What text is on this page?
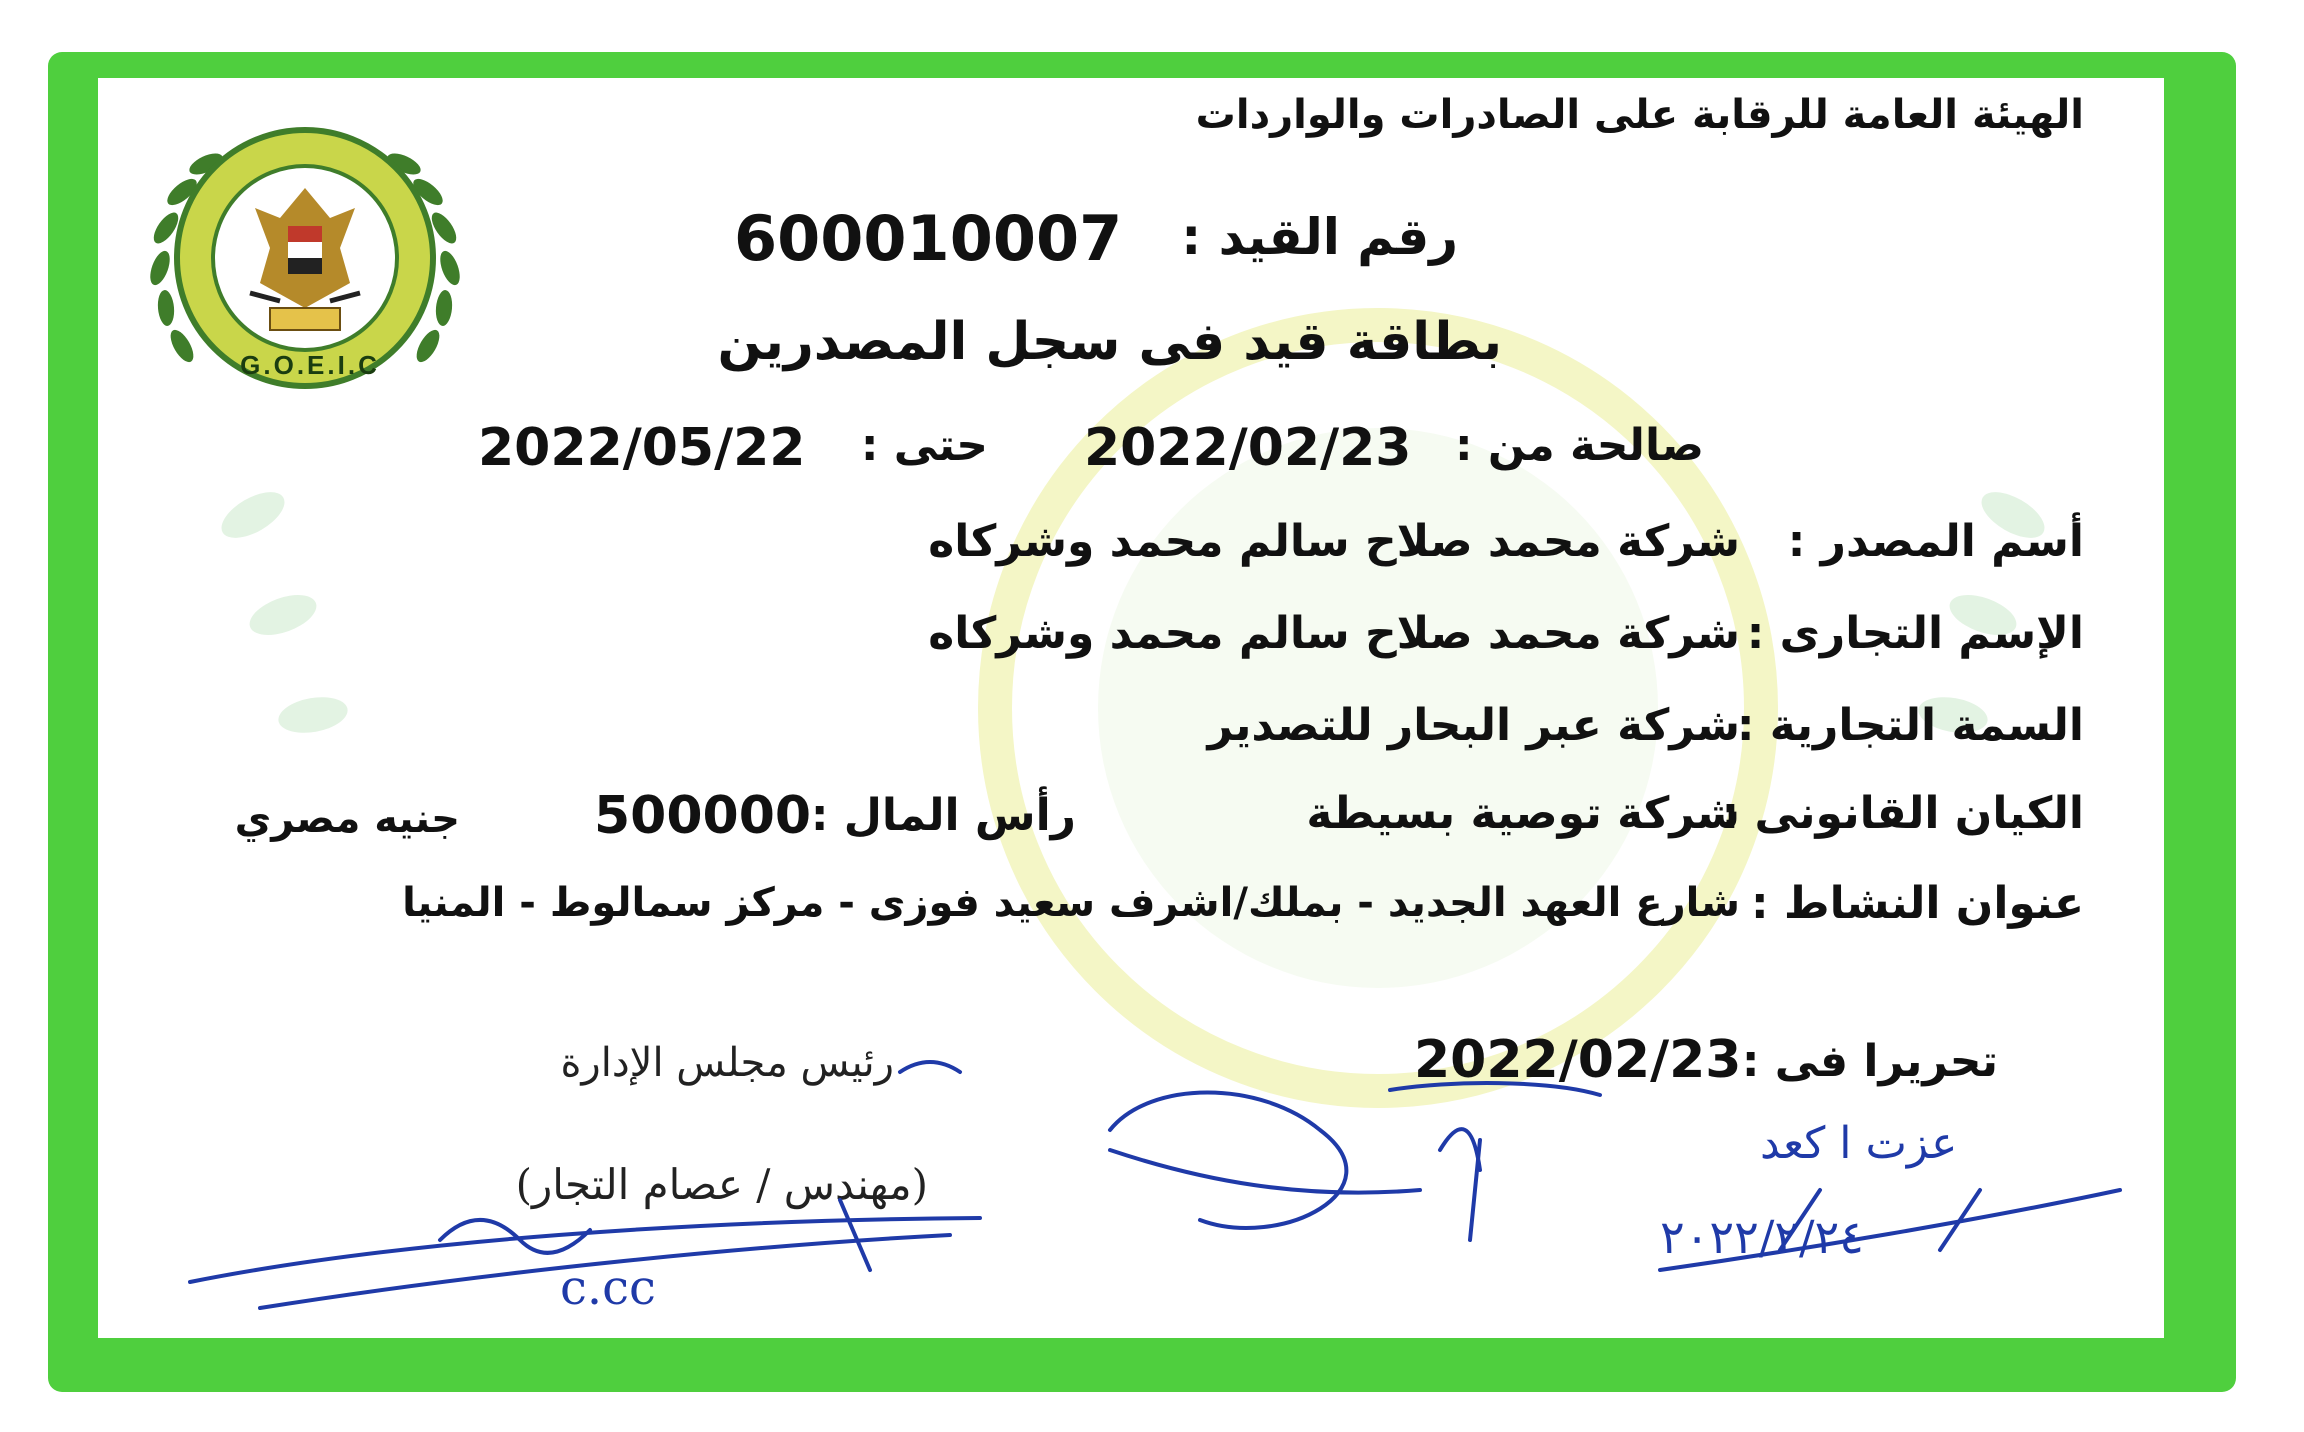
G.O.E.I.C
الهيئة العامة للرقابة على الصادرات والواردات
رقم القيد :
600010007
بطاقة قيد فى سجل المصدرين
صالحة من :
2022/02/23
حتى :
2022/05/22
أسم المصدر :
شركة محمد صلاح سالم محمد وشركاه
الإسم التجارى :
شركة محمد صلاح سالم محمد وشركاه
السمة التجارية :
شركة عبر البحار للتصدير
الكيان القانونى :
شركة توصية بسيطة
رأس المال :
500000
جنيه مصري
عنوان النشاط :
شارع العهد الجديد - بملك/اشرف سعيد فوزى - مركز سمالوط - المنيا
تحريرا فى :
2022/02/23
رئيس مجلس الإدارة
(مهندس / عصام التجار)
c.cc
عزت ا كعد
٢٠٢٢/٢/٢٤
